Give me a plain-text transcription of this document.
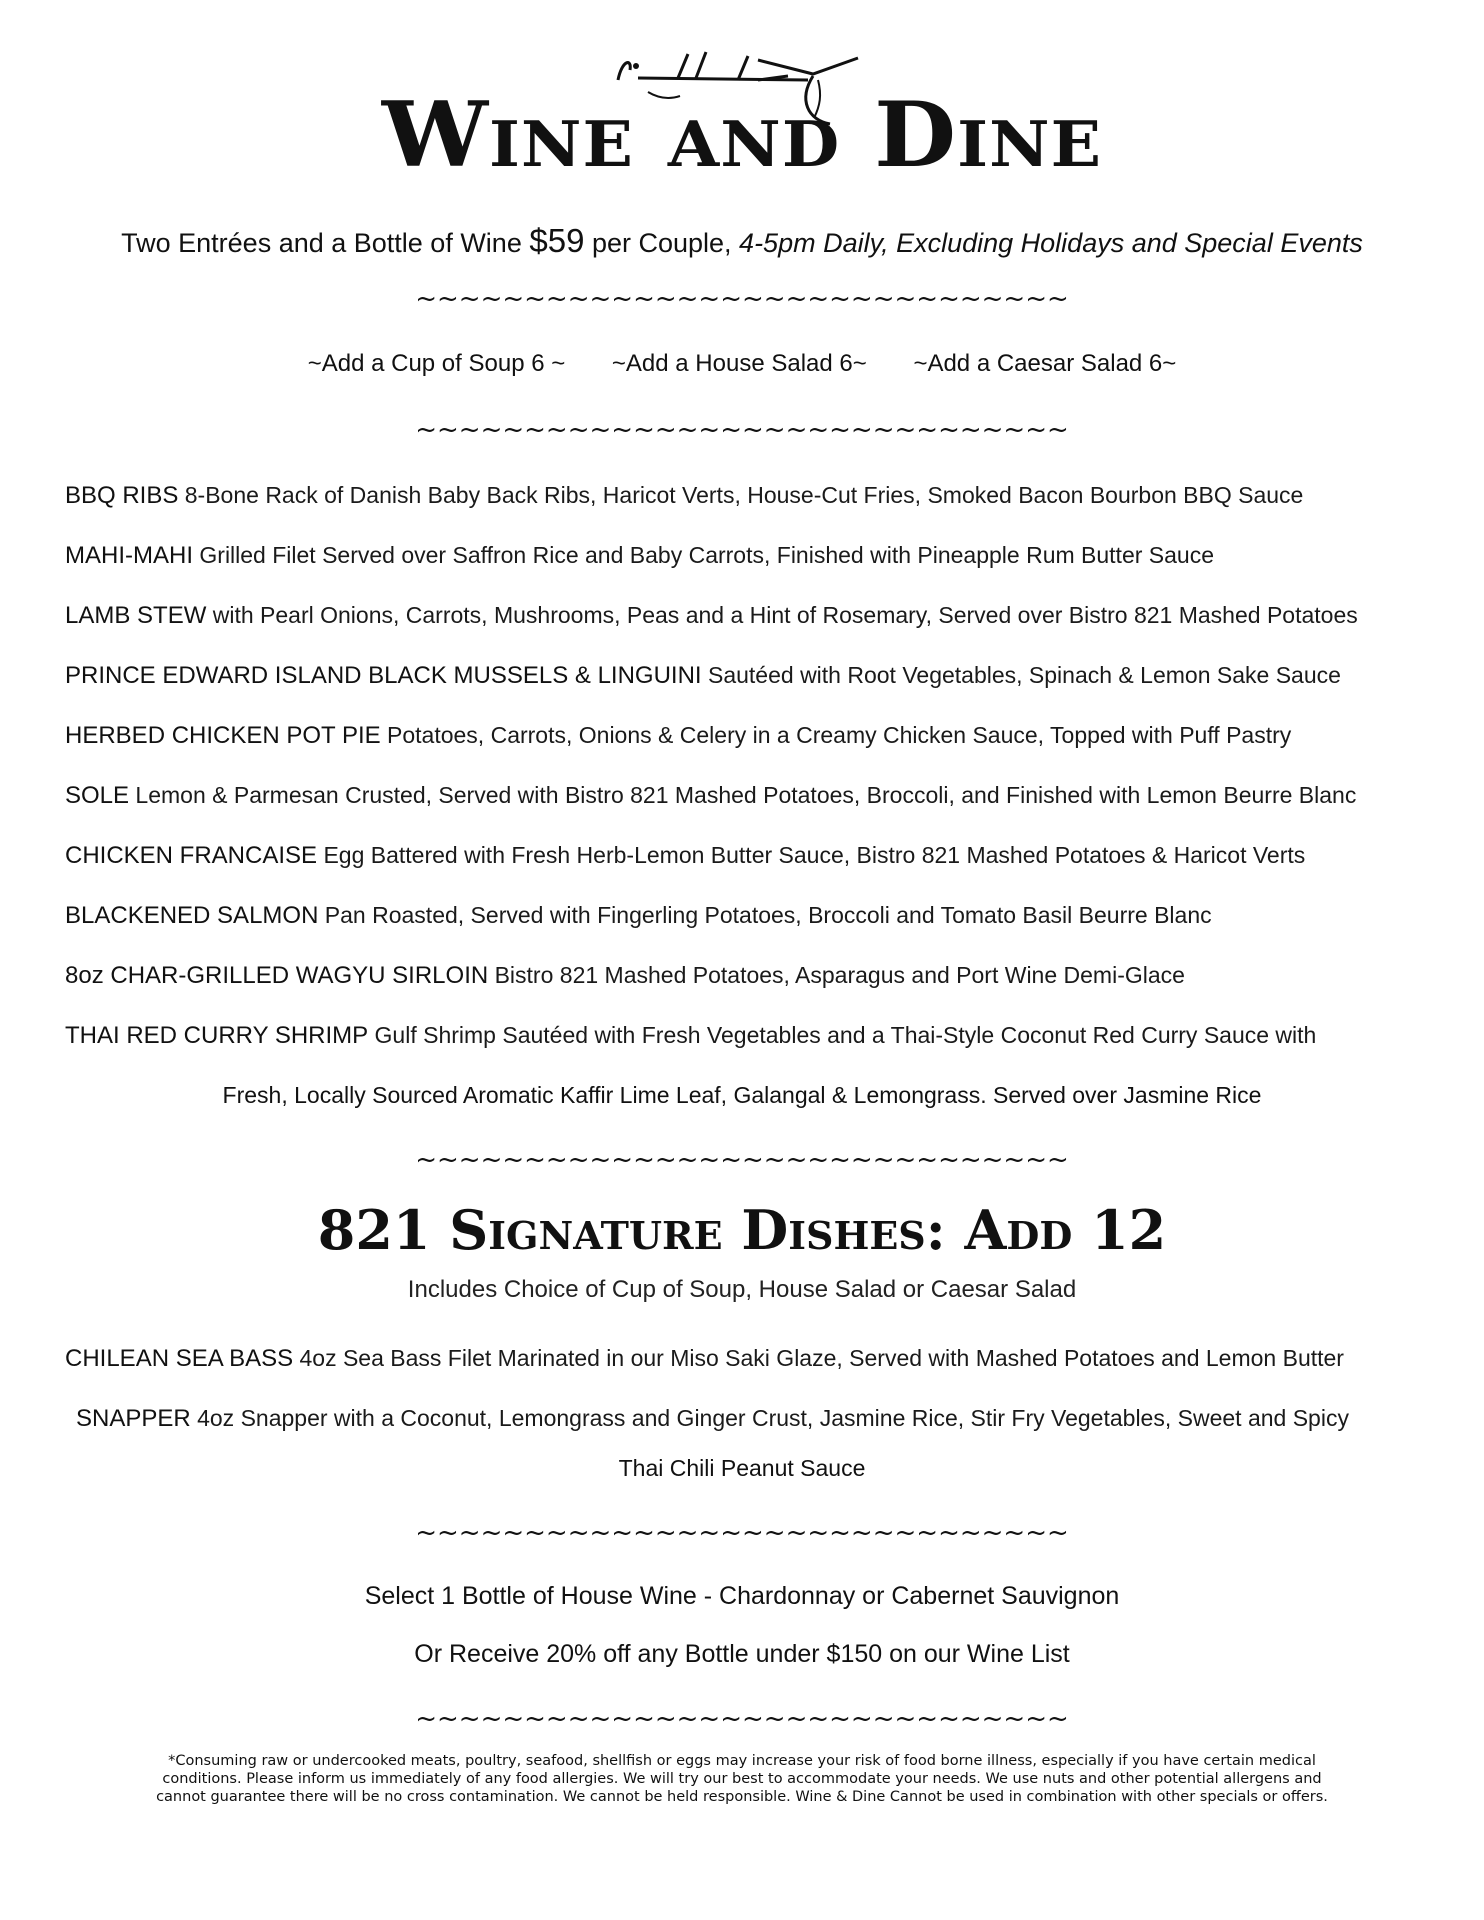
Wine and Dine
Two Entrées and a Bottle of Wine $59 per Couple, 4-5pm Daily, Excluding Holidays and Special Events
~~~~~~~~~~~~~~~~~~~~~~~~~~~~~~
~Add a Cup of Soup 6 ~ ~Add a House Salad 6~ ~Add a Caesar Salad 6~
~~~~~~~~~~~~~~~~~~~~~~~~~~~~~~
BBQ RIBS 8-Bone Rack of Danish Baby Back Ribs, Haricot Verts, House-Cut Fries, Smoked Bacon Bourbon BBQ Sauce
MAHI-MAHI Grilled Filet Served over Saffron Rice and Baby Carrots, Finished with Pineapple Rum Butter Sauce
LAMB STEW with Pearl Onions, Carrots, Mushrooms, Peas and a Hint of Rosemary, Served over Bistro 821 Mashed Potatoes
PRINCE EDWARD ISLAND BLACK MUSSELS & LINGUINI Sautéed with Root Vegetables, Spinach & Lemon Sake Sauce
HERBED CHICKEN POT PIE Potatoes, Carrots, Onions & Celery in a Creamy Chicken Sauce, Topped with Puff Pastry
SOLE Lemon & Parmesan Crusted, Served with Bistro 821 Mashed Potatoes, Broccoli, and Finished with Lemon Beurre Blanc
CHICKEN FRANCAISE Egg Battered with Fresh Herb-Lemon Butter Sauce, Bistro 821 Mashed Potatoes & Haricot Verts
BLACKENED SALMON Pan Roasted, Served with Fingerling Potatoes, Broccoli and Tomato Basil Beurre Blanc
8oz CHAR-GRILLED WAGYU SIRLOIN Bistro 821 Mashed Potatoes, Asparagus and Port Wine Demi-Glace
THAI RED CURRY SHRIMP Gulf Shrimp Sautéed with Fresh Vegetables and a Thai-Style Coconut Red Curry Sauce with
Fresh, Locally Sourced Aromatic Kaffir Lime Leaf, Galangal & Lemongrass. Served over Jasmine Rice
~~~~~~~~~~~~~~~~~~~~~~~~~~~~~~
821 Signature Dishes: Add 12
Includes Choice of Cup of Soup, House Salad or Caesar Salad
CHILEAN SEA BASS 4oz Sea Bass Filet Marinated in our Miso Saki Glaze, Served with Mashed Potatoes and Lemon Butter
SNAPPER 4oz Snapper with a Coconut, Lemongrass and Ginger Crust, Jasmine Rice, Stir Fry Vegetables, Sweet and Spicy
Thai Chili Peanut Sauce
~~~~~~~~~~~~~~~~~~~~~~~~~~~~~~
Select 1 Bottle of House Wine - Chardonnay or Cabernet Sauvignon
Or Receive 20% off any Bottle under $150 on our Wine List
~~~~~~~~~~~~~~~~~~~~~~~~~~~~~~
*Consuming raw or undercooked meats, poultry, seafood, shellfish or eggs may increase your risk of food borne illness, especially if you have certain medical
conditions. Please inform us immediately of any food allergies. We will try our best to accommodate your needs. We use nuts and other potential allergens and
cannot guarantee there will be no cross contamination. We cannot be held responsible. Wine & Dine Cannot be used in combination with other specials or offers.
